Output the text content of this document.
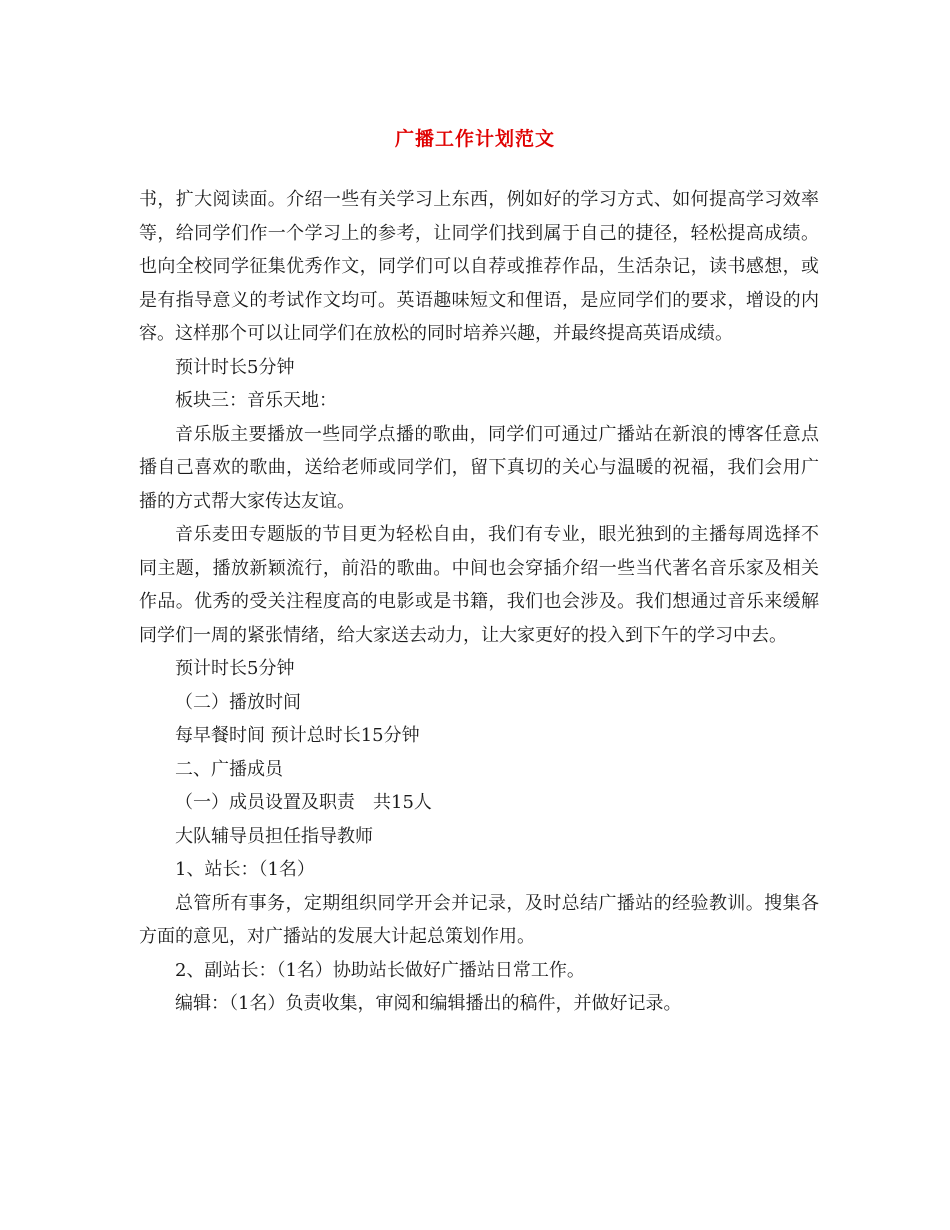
广播工作计划范文

书，扩大阅读面。介绍一些有关学习上东西，例如好的学习方式、如何提高学习效率等，给同学们作一个学习上的参考，让同学们找到属于自己的捷径，轻松提高成绩。也向全校同学征集优秀作文，同学们可以自荐或推荐作品，生活杂记，读书感想，或是有指导意义的考试作文均可。英语趣味短文和俚语，是应同学们的要求，增设的内容。这样那个可以让同学们在放松的同时培养兴趣，并最终提高英语成绩。

预计时长5分钟

板块三：音乐天地：

音乐版主要播放一些同学点播的歌曲，同学们可通过广播站在新浪的博客任意点播自己喜欢的歌曲，送给老师或同学们，留下真切的关心与温暖的祝福，我们会用广播的方式帮大家传达友谊。

音乐麦田专题版的节目更为轻松自由，我们有专业，眼光独到的主播每周选择不同主题，播放新颖流行，前沿的歌曲。中间也会穿插介绍一些当代著名音乐家及相关作品。优秀的受关注程度高的电影或是书籍，我们也会涉及。我们想通过音乐来缓解同学们一周的紧张情绪，给大家送去动力，让大家更好的投入到下午的学习中去。

预计时长5分钟

（二）播放时间

每早餐时间 预计总时长15分钟

二、广播成员

（一）成员设置及职责　共15人

大队辅导员担任指导教师

1、站长：（1名）

总管所有事务，定期组织同学开会并记录，及时总结广播站的经验教训。搜集各方面的意见，对广播站的发展大计起总策划作用。

2、副站长：（1名）协助站长做好广播站日常工作。

编辑：（1名）负责收集，审阅和编辑播出的稿件，并做好记录。
